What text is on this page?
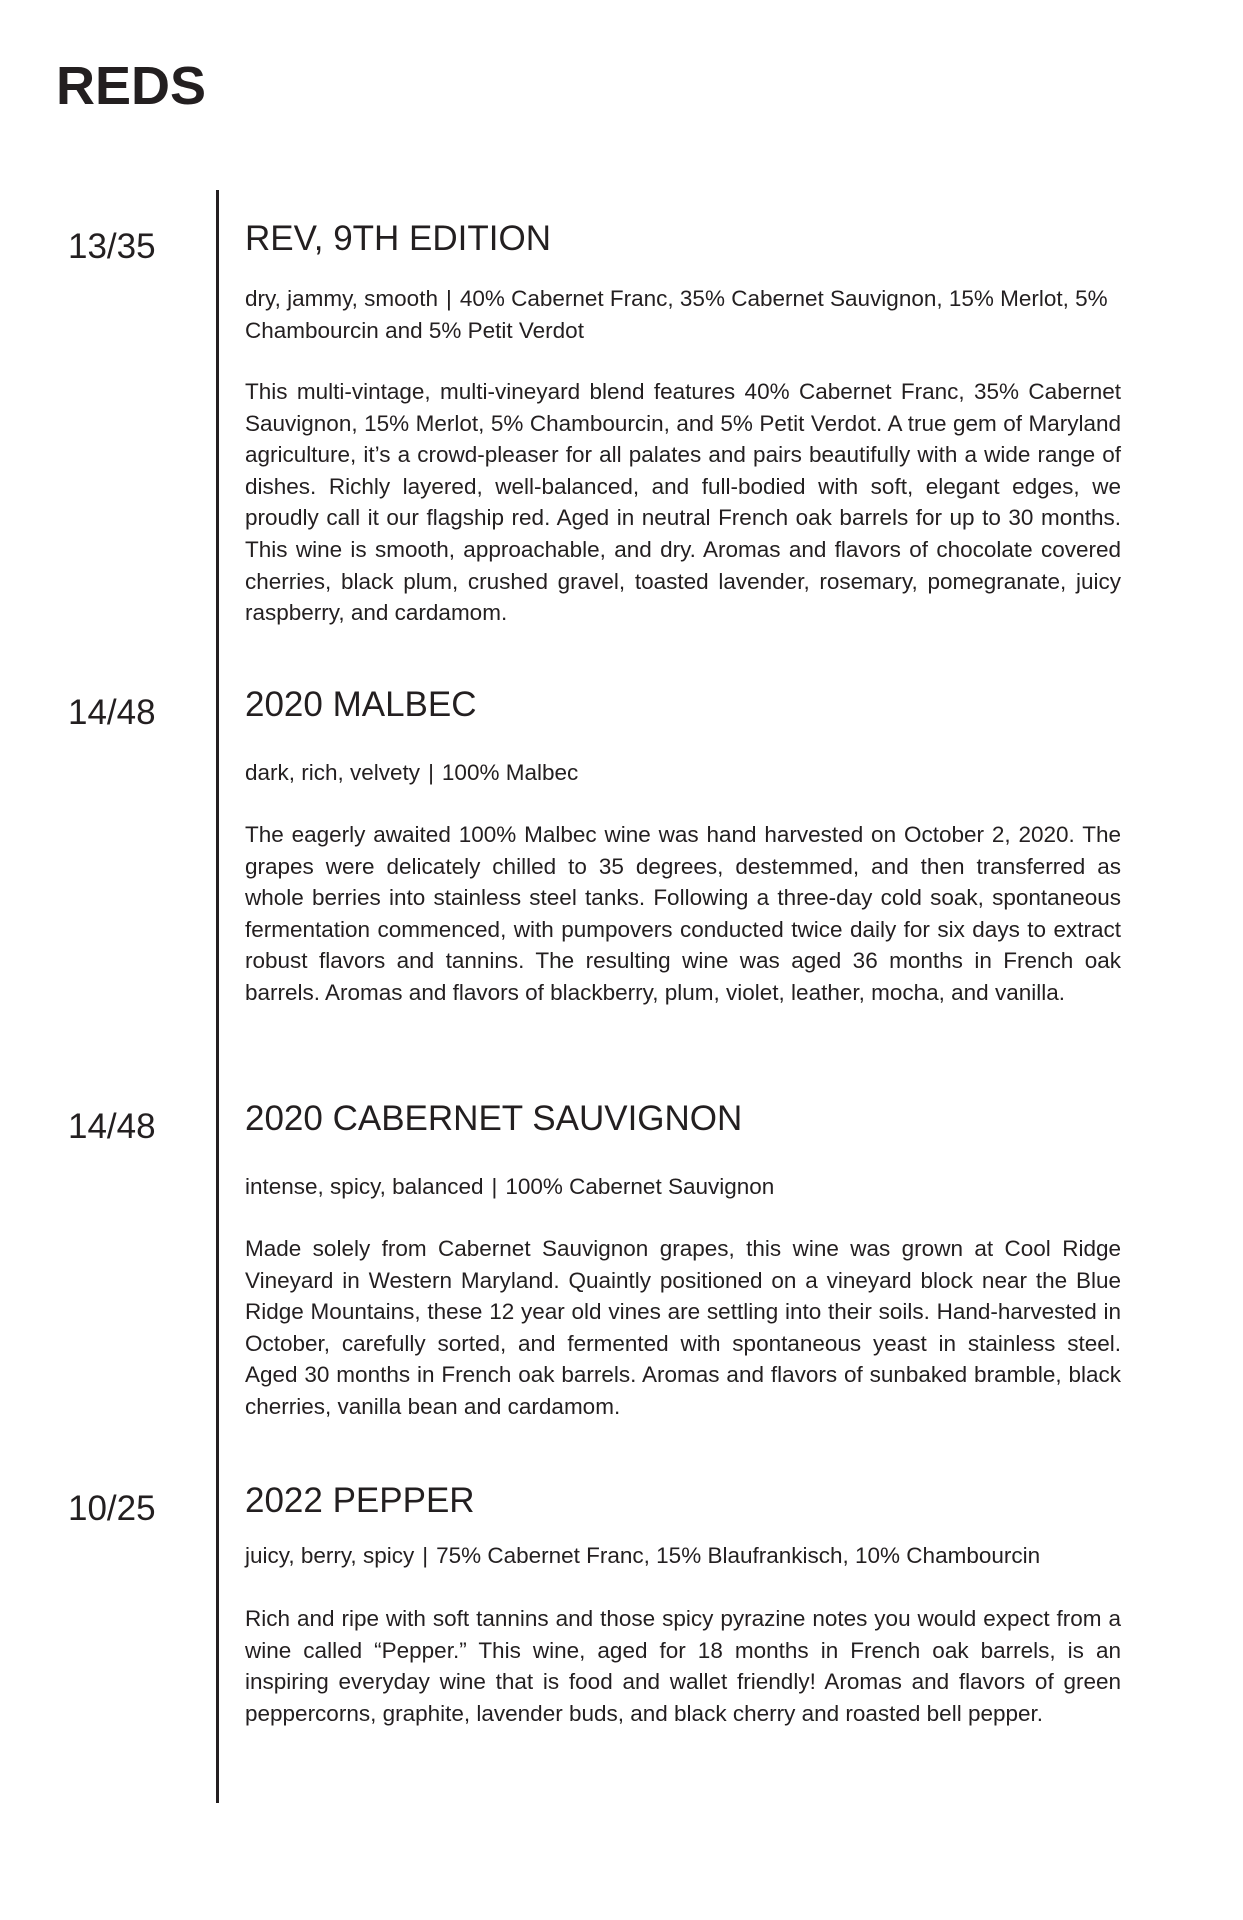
REDS
13/35	REV, 9TH EDITION
dry, jammy, smooth | 40% Cabernet Franc, 35% Cabernet Sauvignon, 15% Merlot, 5% Chambourcin and 5% Petit Verdot

This multi-vintage, multi-vineyard blend features 40% Cabernet Franc, 35% Cabernet Sauvignon, 15% Merlot, 5% Chambourcin, and 5% Petit Verdot. A true gem of Maryland agriculture, it’s a crowd-pleaser for all palates and pairs beautifully with a wide range of dishes. Richly layered, well-balanced, and full-bodied with soft, elegant edges, we proudly call it our flagship red. Aged in neutral French oak barrels for up to 30 months. This wine is smooth, approachable, and dry. Aromas and flavors of chocolate covered cherries, black plum, crushed gravel, toasted lavender, rosemary, pomegranate, juicy raspberry, and cardamom.

14/48	2020 MALBEC
dark, rich, velvety | 100% Malbec

The eagerly awaited 100% Malbec wine was hand harvested on October 2, 2020. The grapes were delicately chilled to 35 degrees, destemmed, and then transferred as whole berries into stainless steel tanks. Following a three-day cold soak, spontaneous fermentation commenced, with pumpovers conducted twice daily for six days to extract robust flavors and tannins. The resulting wine was aged 36 months in French oak barrels. Aromas and flavors of blackberry, plum, violet, leather, mocha, and vanilla.

14/48	2020 CABERNET SAUVIGNON
intense, spicy, balanced | 100% Cabernet Sauvignon

Made solely from Cabernet Sauvignon grapes, this wine was grown at Cool Ridge Vineyard in Western Maryland. Quaintly positioned on a vineyard block near the Blue Ridge Mountains, these 12 year old vines are settling into their soils. Hand-harvested in October, carefully sorted, and fermented with spontaneous yeast in stainless steel. Aged 30 months in French oak barrels. Aromas and flavors of sunbaked bramble, black cherries, vanilla bean and cardamom.

10/25	2022 PEPPER
juicy, berry, spicy | 75% Cabernet Franc, 15% Blaufrankisch, 10% Chambourcin

Rich and ripe with soft tannins and those spicy pyrazine notes you would expect from a wine called “Pepper.” This wine, aged for 18 months in French oak barrels, is an inspiring everyday wine that is food and wallet friendly! Aromas and flavors of green peppercorns, graphite, lavender buds, and black cherry and roasted bell pepper.
